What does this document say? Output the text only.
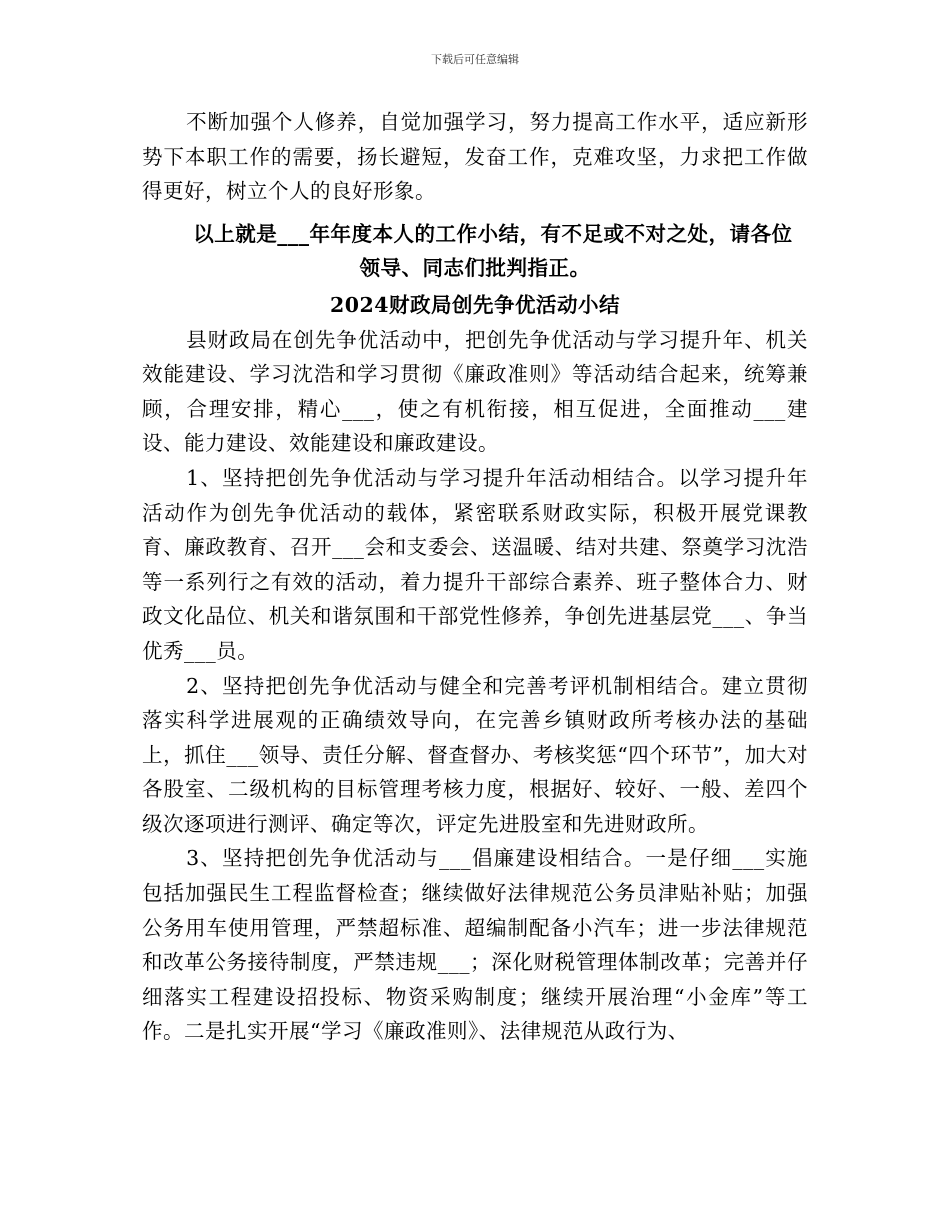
下载后可任意编辑

不断加强个人修养，自觉加强学习，努力提高工作水平，适应新形势下本职工作的需要，扬长避短，发奋工作，克难攻坚，力求把工作做得更好，树立个人的良好形象。

以上就是___年年度本人的工作小结，有不足或不对之处，请各位

领导、同志们批判指正。

2024财政局创先争优活动小结

县财政局在创先争优活动中，把创先争优活动与学习提升年、机关效能建设、学习沈浩和学习贯彻《廉政准则》等活动结合起来，统筹兼顾，合理安排，精心___，使之有机衔接，相互促进，全面推动___建设、能力建设、效能建设和廉政建设。

1、坚持把创先争优活动与学习提升年活动相结合。以学习提升年活动作为创先争优活动的载体，紧密联系财政实际，积极开展党课教育、廉政教育、召开___会和支委会、送温暖、结对共建、祭奠学习沈浩等一系列行之有效的活动，着力提升干部综合素养、班子整体合力、财政文化品位、机关和谐氛围和干部党性修养，争创先进基层党___、争当优秀___员。

2、坚持把创先争优活动与健全和完善考评机制相结合。建立贯彻落实科学进展观的正确绩效导向，在完善乡镇财政所考核办法的基础上，抓住___领导、责任分解、督查督办、考核奖惩“四个环节”，加大对各股室、二级机构的目标管理考核力度，根据好、较好、一般、差四个级次逐项进行测评、确定等次，评定先进股室和先进财政所。

3、坚持把创先争优活动与___倡廉建设相结合。一是仔细___实施包括加强民生工程监督检查；继续做好法律规范公务员津贴补贴；加强公务用车使用管理，严禁超标准、超编制配备小汽车；进一步法律规范和改革公务接待制度，严禁违规___；深化财税管理体制改革；完善并仔细落实工程建设招投标、物资采购制度；继续开展治理“小金库”等工作。二是扎实开展“学习《廉政准则》、法律规范从政行为、
